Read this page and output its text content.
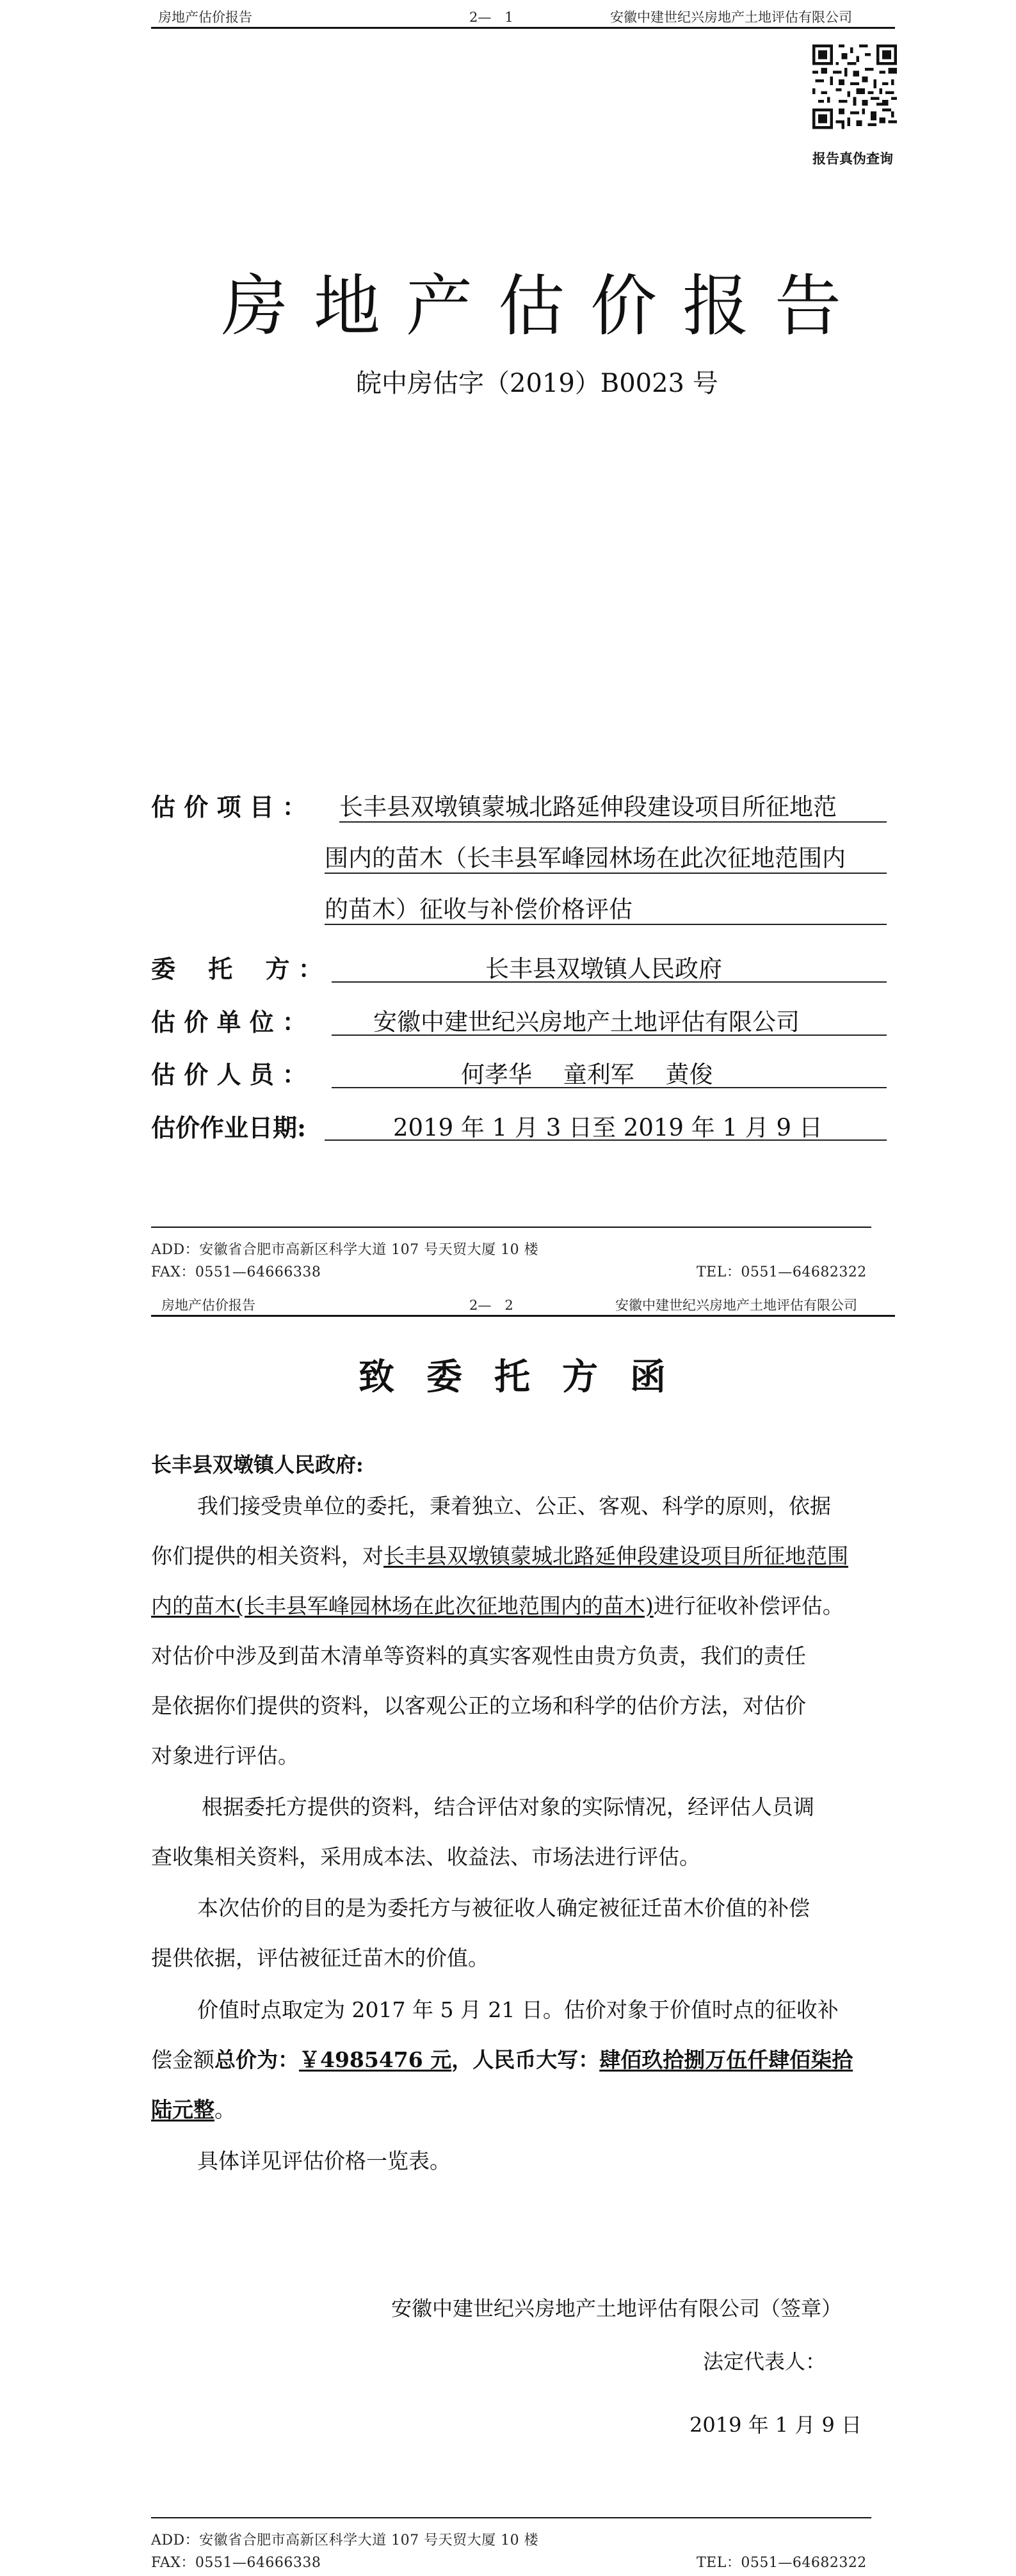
房地产估价报告	2—　1	安徽中建世纪兴房地产土地评估有限公司
报告真伪查询
房地产估价报告
皖中房估字（2019）B0023 号
估 价 项 目 ： 长丰县双墩镇蒙城北路延伸段建设项目所征地范
围内的苗木（长丰县军峰园林场在此次征地范围内
的苗木）征收与补偿价格评估
委　 托　 方 ：	长丰县双墩镇人民政府
估 价 单 位 ：	安徽中建世纪兴房地产土地评估有限公司
估 价 人 员 ：	何孝华　 童利军　 黄俊
估价作业日期:	2019 年 1 月 3 日至 2019 年 1 月 9 日
ADD：安徽省合肥市高新区科学大道 107 号天贸大厦 10 楼
FAX：0551—64666338	TEL：0551—64682322
房地产估价报告	2—　2	安徽中建世纪兴房地产土地评估有限公司
致委托方函
长丰县双墩镇人民政府:
我们接受贵单位的委托，秉着独立、公正、客观、科学的原则，依据
你们提供的相关资料，对长丰县双墩镇蒙城北路延伸段建设项目所征地范围
内的苗木(长丰县军峰园林场在此次征地范围内的苗木)进行征收补偿评估。
对估价中涉及到苗木清单等资料的真实客观性由贵方负责，我们的责任
是依据你们提供的资料，以客观公正的立场和科学的估价方法，对估价
对象进行评估。
根据委托方提供的资料，结合评估对象的实际情况，经评估人员调
查收集相关资料，采用成本法、收益法、市场法进行评估。
本次估价的目的是为委托方与被征收人确定被征迁苗木价值的补偿
提供依据，评估被征迁苗木的价值。
价值时点取定为 2017 年 5 月 21 日。估价对象于价值时点的征收补
偿金额总价为：￥4985476 元，人民币大写：肆佰玖拾捌万伍仟肆佰柒拾
陆元整。
具体详见评估价格一览表。
安徽中建世纪兴房地产土地评估有限公司（签章）
法定代表人：
2019 年 1 月 9 日
ADD：安徽省合肥市高新区科学大道 107 号天贸大厦 10 楼
FAX：0551—64666338	TEL：0551—64682322
